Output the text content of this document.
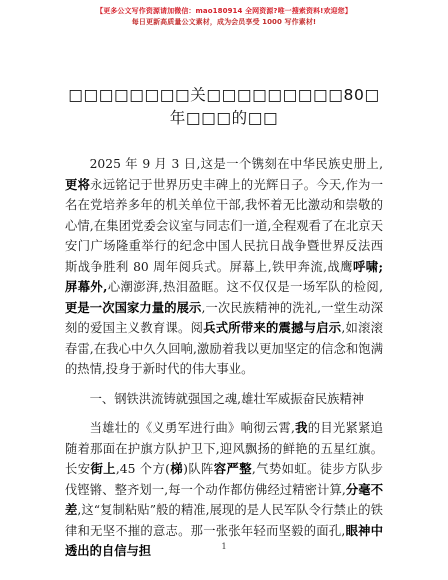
【更多公文写作资源请加微信：mao180914 全网资源?唯一搜索资料!欢迎您】
每日更新高质量公文素材，成为会员享受 1000 写作素材!
□□□□□□□□关□□□□□□□□□80□年□□□的□□

2025 年 9 月 3 日,这是一个镌刻在中华民族史册上,更将永远铭记于世界历史丰碑上的光辉日子。今天,作为一名在党培养多年的机关单位干部,我怀着无比激动和崇敬的心情,在集团党委会议室与同志们一道,全程观看了在北京天安门广场隆重举行的纪念中国人民抗日战争暨世界反法西斯战争胜利 80 周年阅兵式。屏幕上,铁甲奔流,战鹰呼啸;屏幕外,心潮澎湃,热泪盈眶。这不仅仅是一场军队的检阅,更是一次国家力量的展示,一次民族精神的洗礼,一堂生动深刻的爱国主义教育课。阅兵式所带来的震撼与启示,如滚滚春雷,在我心中久久回响,激励着我以更加坚定的信念和饱满的热情,投身于新时代的伟大事业。

一、钢铁洪流铸就强国之魂,雄壮军威振奋民族精神

当雄壮的《义勇军进行曲》响彻云霄,我的目光紧紧追随着那面在护旗方队护卫下,迎风飘扬的鲜艳的五星红旗。长安街上,45 个方(梯)队阵容严整,气势如虹。徒步方队步伐铿锵、整齐划一,每一个动作都仿佛经过精密计算,分毫不差,这“复制粘贴”般的精准,展现的是人民军队令行禁止的铁律和无坚不摧的意志。那一张张年轻而坚毅的面孔,眼神中透出的自信与担	1
